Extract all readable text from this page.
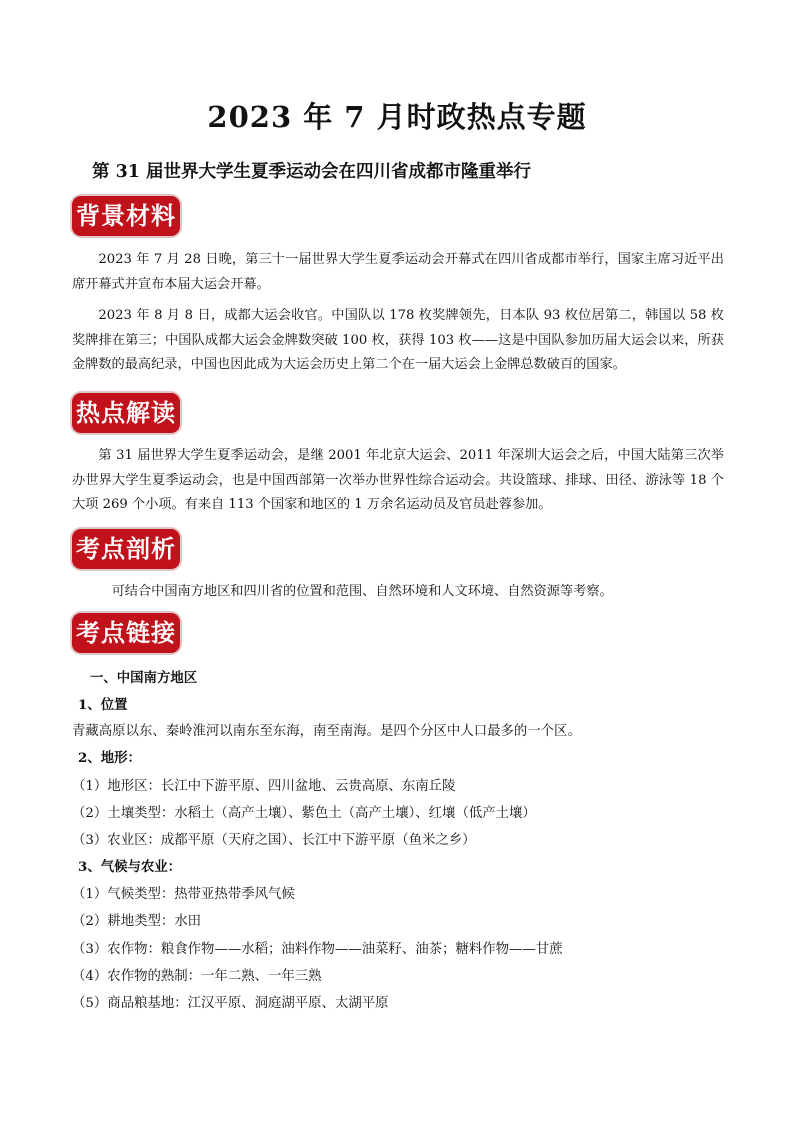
2023 年 7 月时政热点专题
第 31 届世界大学生夏季运动会在四川省成都市隆重举行
背景材料
2023 年 7 月 28 日晚，第三十一届世界大学生夏季运动会开幕式在四川省成都市举行，国家主席习近平出席开幕式并宣布本届大运会开幕。
2023 年 8 月 8 日，成都大运会收官。中国队以 178 枚奖牌领先，日本队 93 枚位居第二，韩国以 58 枚奖牌排在第三；中国队成都大运会金牌数突破 100 枚，获得 103 枚——这是中国队参加历届大运会以来，所获金牌数的最高纪录，中国也因此成为大运会历史上第二个在一届大运会上金牌总数破百的国家。
热点解读
第 31 届世界大学生夏季运动会，是继 2001 年北京大运会、2011 年深圳大运会之后，中国大陆第三次举办世界大学生夏季运动会，也是中国西部第一次举办世界性综合运动会。共设篮球、排球、田径、游泳等 18 个大项 269 个小项。有来自 113 个国家和地区的 1 万余名运动员及官员赴蓉参加。
考点剖析
可结合中国南方地区和四川省的位置和范围、自然环境和人文环境、自然资源等考察。
考点链接
一、中国南方地区
1、位置
青藏高原以东、秦岭淮河以南东至东海，南至南海。是四个分区中人口最多的一个区。
2、地形：
（1）地形区：长江中下游平原、四川盆地、云贵高原、东南丘陵
（2）土壤类型：水稻土（高产土壤）、紫色土（高产土壤）、红壤（低产土壤）
（3）农业区：成都平原（天府之国）、长江中下游平原（鱼米之乡）
3、气候与农业：
（1）气候类型：热带亚热带季风气候
（2）耕地类型：水田
（3）农作物：粮食作物——水稻；油料作物——油菜籽、油茶；糖料作物——甘蔗
（4）农作物的熟制：一年二熟、一年三熟
（5）商品粮基地：江汉平原、洞庭湖平原、太湖平原
